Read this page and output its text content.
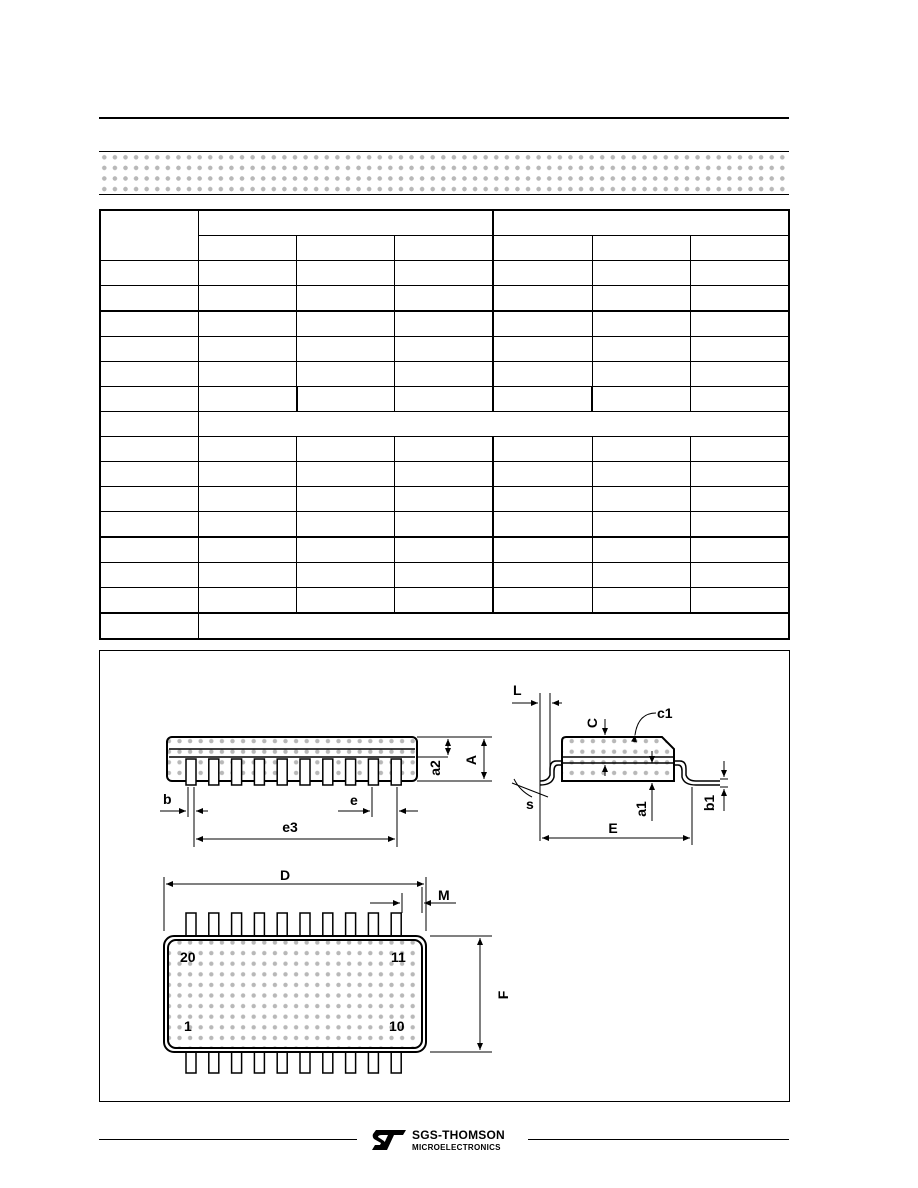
a2
A
b	e
e3
L
C
c1
s	a1	b1
E
20	11
1	10
D
M
F
SGS-THOMSON
MICROELECTRONICS
